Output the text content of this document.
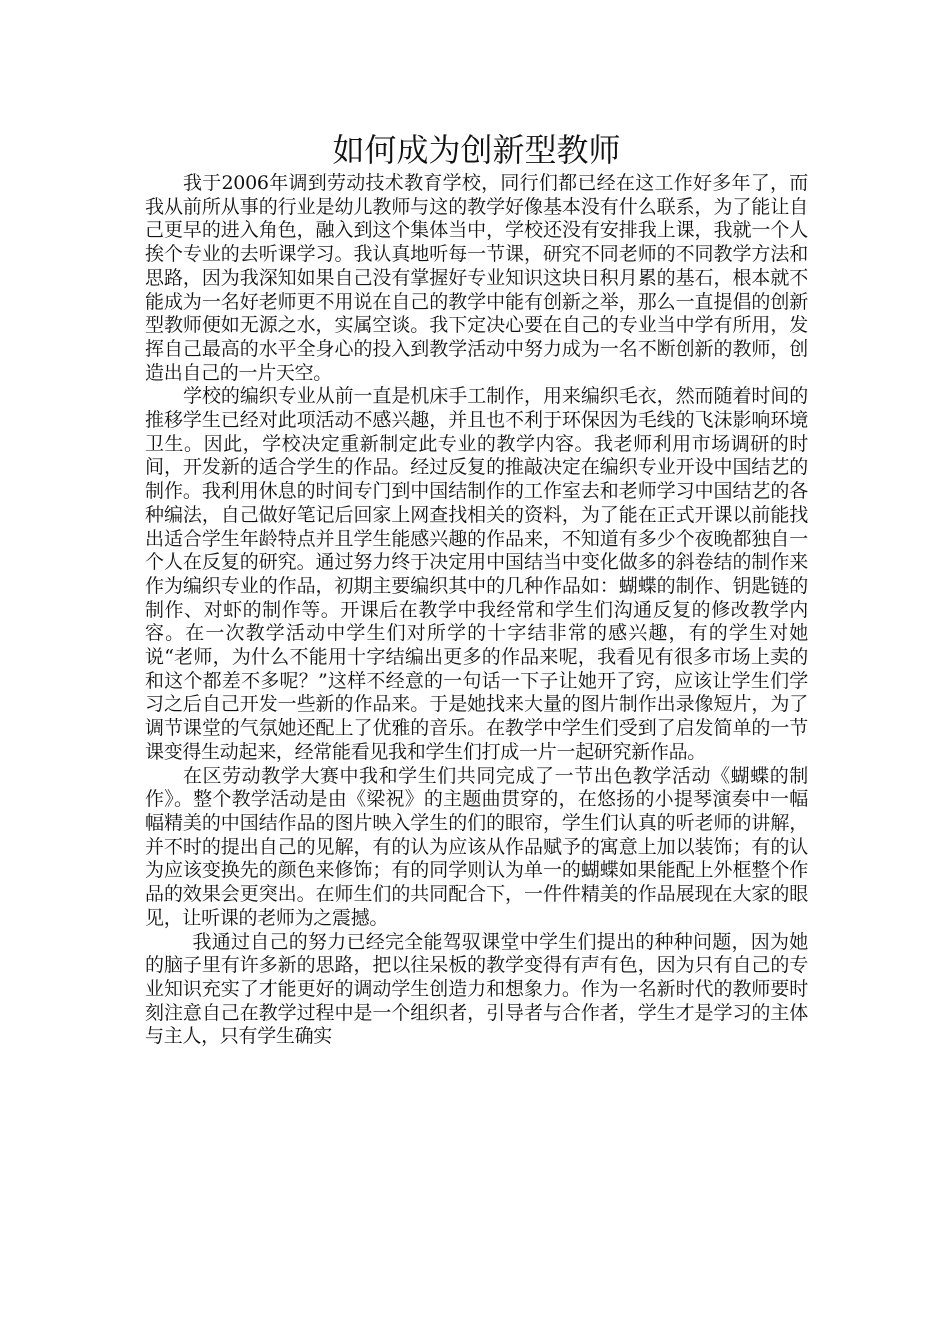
如何成为创新型教师

我于2006年调到劳动技术教育学校，同行们都已经在这工作好多年了，而我从前所从事的行业是幼儿教师与这的教学好像基本没有什么联系，为了能让自己更早的进入角色，融入到这个集体当中，学校还没有安排我上课，我就一个人挨个专业的去听课学习。我认真地听每一节课，研究不同老师的不同教学方法和思路，因为我深知如果自己没有掌握好专业知识这块日积月累的基石，根本就不能成为一名好老师更不用说在自己的教学中能有创新之举，那么一直提倡的创新型教师便如无源之水，实属空谈。我下定决心要在自己的专业当中学有所用，发挥自己最高的水平全身心的投入到教学活动中努力成为一名不断创新的教师，创造出自己的一片天空。

学校的编织专业从前一直是机床手工制作，用来编织毛衣，然而随着时间的推移学生已经对此项活动不感兴趣，并且也不利于环保因为毛线的飞沫影响环境卫生。因此，学校决定重新制定此专业的教学内容。我老师利用市场调研的时间，开发新的适合学生的作品。经过反复的推敲决定在编织专业开设中国结艺的制作。我利用休息的时间专门到中国结制作的工作室去和老师学习中国结艺的各种编法，自己做好笔记后回家上网查找相关的资料，为了能在正式开课以前能找出适合学生年龄特点并且学生能感兴趣的作品来，不知道有多少个夜晚都独自一个人在反复的研究。通过努力终于决定用中国结当中变化做多的斜卷结的制作来作为编织专业的作品，初期主要编织其中的几种作品如：蝴蝶的制作、钥匙链的制作、对虾的制作等。开课后在教学中我经常和学生们沟通反复的修改教学内容。在一次教学活动中学生们对所学的十字结非常的感兴趣，有的学生对她说“老师，为什么不能用十字结编出更多的作品来呢，我看见有很多市场上卖的和这个都差不多呢？”这样不经意的一句话一下子让她开了窍，应该让学生们学习之后自己开发一些新的作品来。于是她找来大量的图片制作出录像短片，为了调节课堂的气氛她还配上了优雅的音乐。在教学中学生们受到了启发简单的一节课变得生动起来，经常能看见我和学生们打成一片一起研究新作品。

在区劳动教学大赛中我和学生们共同完成了一节出色教学活动《蝴蝶的制作》。整个教学活动是由《梁祝》的主题曲贯穿的，在悠扬的小提琴演奏中一幅幅精美的中国结作品的图片映入学生的们的眼帘，学生们认真的听老师的讲解，并不时的提出自己的见解，有的认为应该从作品赋予的寓意上加以装饰；有的认为应该变换先的颜色来修饰；有的同学则认为单一的蝴蝶如果能配上外框整个作品的效果会更突出。在师生们的共同配合下，一件件精美的作品展现在大家的眼见，让听课的老师为之震撼。

我通过自己的努力已经完全能驾驭课堂中学生们提出的种种问题，因为她的脑子里有许多新的思路，把以往呆板的教学变得有声有色，因为只有自己的专业知识充实了才能更好的调动学生创造力和想象力。作为一名新时代的教师要时刻注意自己在教学过程中是一个组织者，引导者与合作者，学生才是学习的主体与主人，只有学生确实
